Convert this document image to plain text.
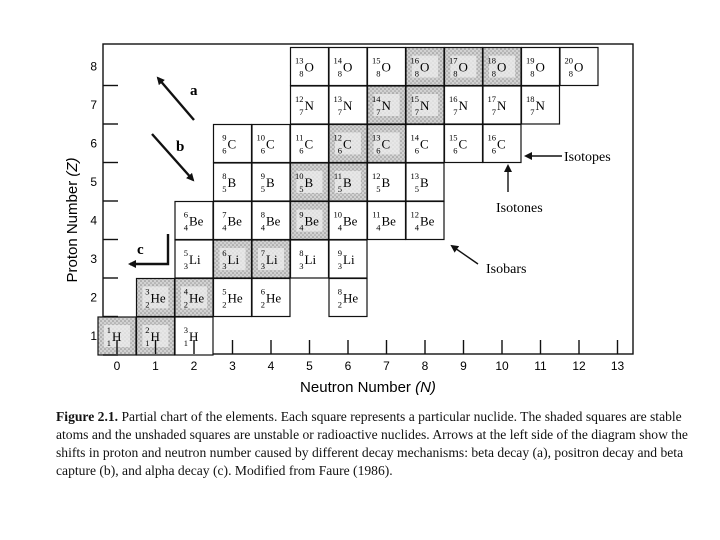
1
1 H	2
1 H	3
1 H
3
2 He 4
2 He 5
2 He 6
2 He	8
2 He
5
3 Li	6
3 Li	7
3 Li	8
3 Li	9
3 Li
6
4 Be 7
4 Be 8
4 Be 9
4 Be 10
4 Be 11
4 Be 12
4 Be
8
5 B	9
5 B 10
5 B 11
5 B 12
5 B 13
5 B
9
6 C 10
6 C 11
6 C 12
6 C 13
6 C 14
6 C 15
6 C 16
6 C
12
7 N 13
7 N 14
7 N 15
7 N 16
7 N 17
7 N 18
7 N
13
8 O 14
8 O 15
8 O 16
8 O 17
8 O 18
8 O 19
8 O 20
8 O
0	1	2	3	4	5	6	7	8	9 10 11 12 13
1
2
3
4
5
6
7
8
Proton Number (Z)
Neutron Number (N)
a
b
c
Isotopes
Isotones
Isobars

Figure 2.1. Partial chart of the elements. Each square represents a particular nuclide. The shaded squares are stable atoms and the unshaded squares are unstable or radioactive nuclides. Arrows at the left side of the diagram show the shifts in proton and neutron number caused by different decay mechanisms: beta decay (a), positron decay and beta capture (b), and alpha decay (c). Modified from Faure (1986).
